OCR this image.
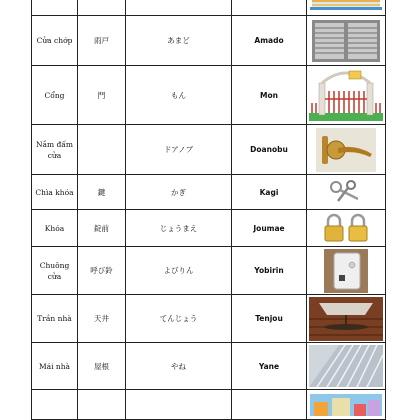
Cửa chớp	雨戸	あまど	Amado	

Cổng	門	もん	Mon	

Nắm đấm cửa		ドアノブ	Doanobu	

Chìa khóa	鍵	かぎ	Kagi	

Khóa	錠前	じょうまえ	Joumae	

Chuông cửa	呼び鈴	よびりん	Yobirin	

Trần nhà	天井	てんじょう	Tenjou	

Mái nhà	屋根	やね	Yane	
